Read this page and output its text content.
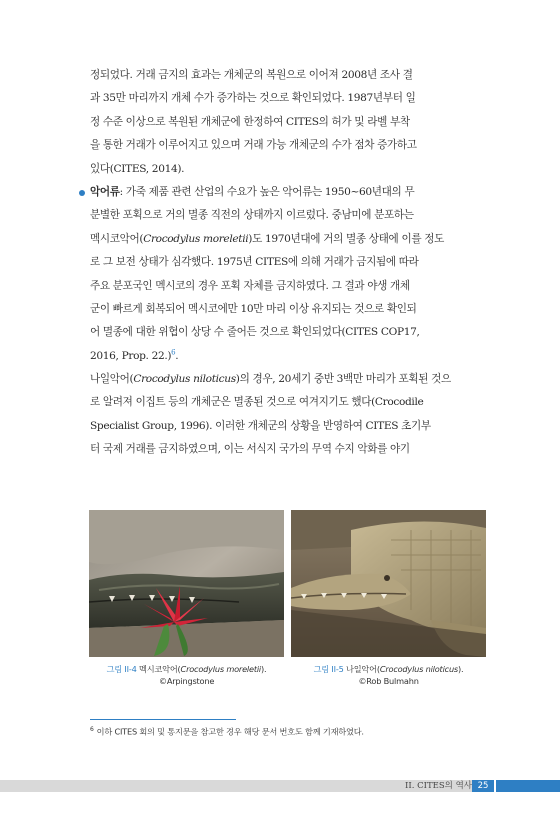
정되었다. 거래 금지의 효과는 개체군의 복원으로 이어져 2008년 조사 결
과 35만 마리까지 개체 수가 증가하는 것으로 확인되었다. 1987년부터 일
정 수준 이상으로 복원된 개체군에 한정하여 CITES의 허가 및 라벨 부착
을 통한 거래가 이루어지고 있으며 거래 가능 개체군의 수가 점차 증가하고
있다(CITES, 2014).
악어류: 가죽 제품 관련 산업의 수요가 높은 악어류는 1950~60년대의 무
분별한 포획으로 거의 멸종 직전의 상태까지 이르렀다. 중남미에 분포하는
멕시코악어(Crocodylus moreletii)도 1970년대에 거의 멸종 상태에 이를 정도
로 그 보전 상태가 심각했다. 1975년 CITES에 의해 거래가 금지됨에 따라
주요 분포국인 멕시코의 경우 포획 자체를 금지하였다. 그 결과 야생 개체
군이 빠르게 회복되어 멕시코에만 10만 마리 이상 유지되는 것으로 확인되
어 멸종에 대한 위협이 상당 수 줄어든 것으로 확인되었다(CITES COP17,
2016, Prop. 22.)$^6$.
나일악어(Crocodylus niloticus)의 경우, 20세기 중반 3백만 마리가 포획된 것으
로 알려져 이집트 등의 개체군은 멸종된 것으로 여겨지기도 했다(Crocodile
Specialist Group, 1996). 이러한 개체군의 상황을 반영하여 CITES 초기부
터 국제 거래를 금지하였으며, 이는 서식지 국가의 무역 수지 악화를 야기
그림 II-4 멕시코악어(Crocodylus moreletii).
©Arpingstone
그림 II-5 나일악어(Crocodylus niloticus).
©Rob Bulmahn
$^6$ 이하 CITES 회의 및 통지문을 참고한 경우 해당 문서 번호도 함께 기재하였다.
II. CITES의 역사 25
